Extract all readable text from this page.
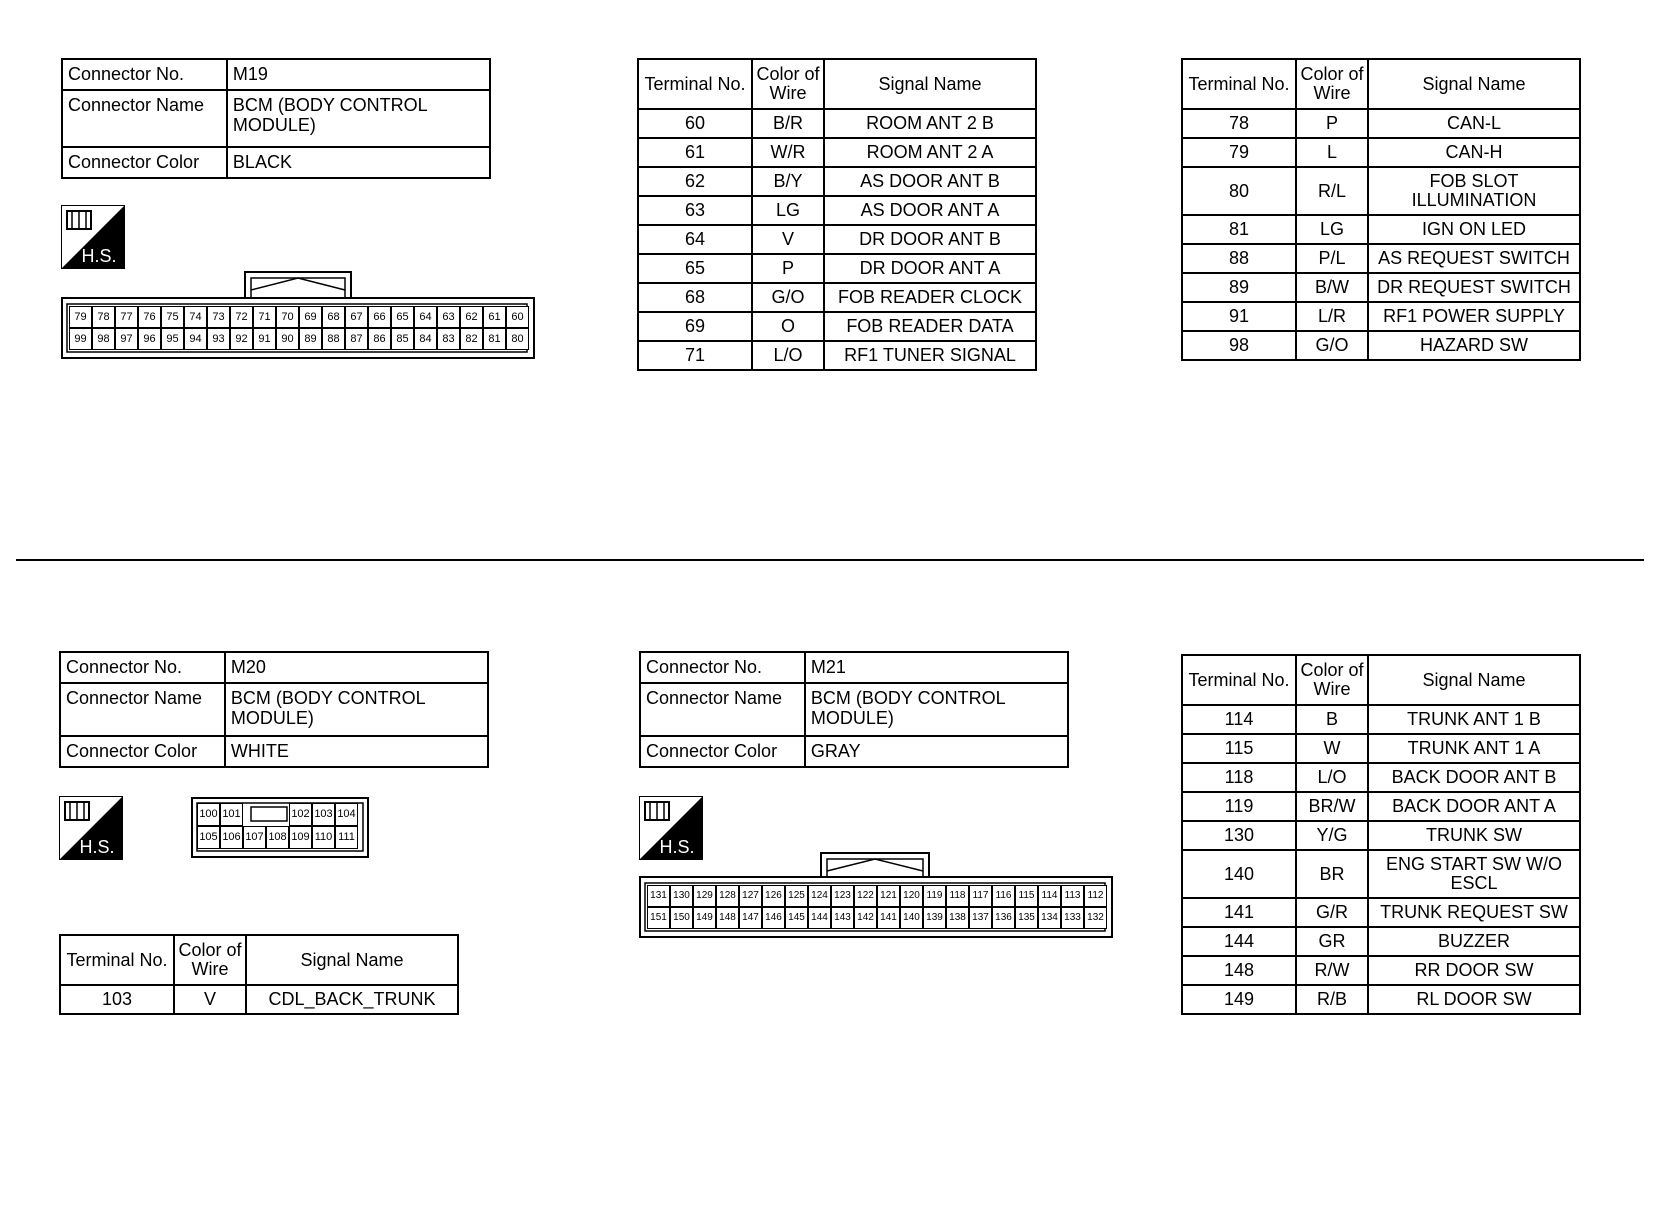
Connector No.	M19
Connector Name	BCM (BODY CONTROL MODULE)
Connector Color	BLACK
H.S.
79 78 77 76 75 74 73 72 71 70 69 68 67 66 65 64 63 62 61 60
99 98 97 96 95 94 93 92 91 90 89 88 87 86 85 84 83 82 81 80
Terminal No.	Color of Wire	Signal Name
60	B/R	ROOM ANT 2 B
61	W/R	ROOM ANT 2 A
62	B/Y	AS DOOR ANT B
63	LG	AS DOOR ANT A
64	V	DR DOOR ANT B
65	P	DR DOOR ANT A
68	G/O	FOB READER CLOCK
69	O	FOB READER DATA
71	L/O	RF1 TUNER SIGNAL
Terminal No.	Color of Wire	Signal Name
78	P	CAN-L
79	L	CAN-H
80	R/L	FOB SLOT ILLUMINATION
81	LG	IGN ON LED
88	P/L	AS REQUEST SWITCH
89	B/W	DR REQUEST SWITCH
91	L/R	RF1 POWER SUPPLY
98	G/O	HAZARD SW
Connector No.	M20
Connector Name	BCM (BODY CONTROL MODULE)
Connector Color	WHITE
H.S.
100 101	102 103 104
105 106 107 108 109 110 111
Terminal No.	Color of Wire	Signal Name
103	V	CDL_BACK_TRUNK
Connector No.	M21
Connector Name	BCM (BODY CONTROL MODULE)
Connector Color	GRAY
H.S.
131 130 129 128 127 126 125 124 123 122 121 120 119 118 117 116 115 114 113 112
151 150 149 148 147 146 145 144 143 142 141 140 139 138 137 136 135 134 133 132
Terminal No.	Color of Wire	Signal Name
114	B	TRUNK ANT 1 B
115	W	TRUNK ANT 1 A
118	L/O	BACK DOOR ANT B
119	BR/W	BACK DOOR ANT A
130	Y/G	TRUNK SW
140	BR	ENG START SW W/O ESCL
141	G/R	TRUNK REQUEST SW
144	GR	BUZZER
148	R/W	RR DOOR SW
149	R/B	RL DOOR SW
